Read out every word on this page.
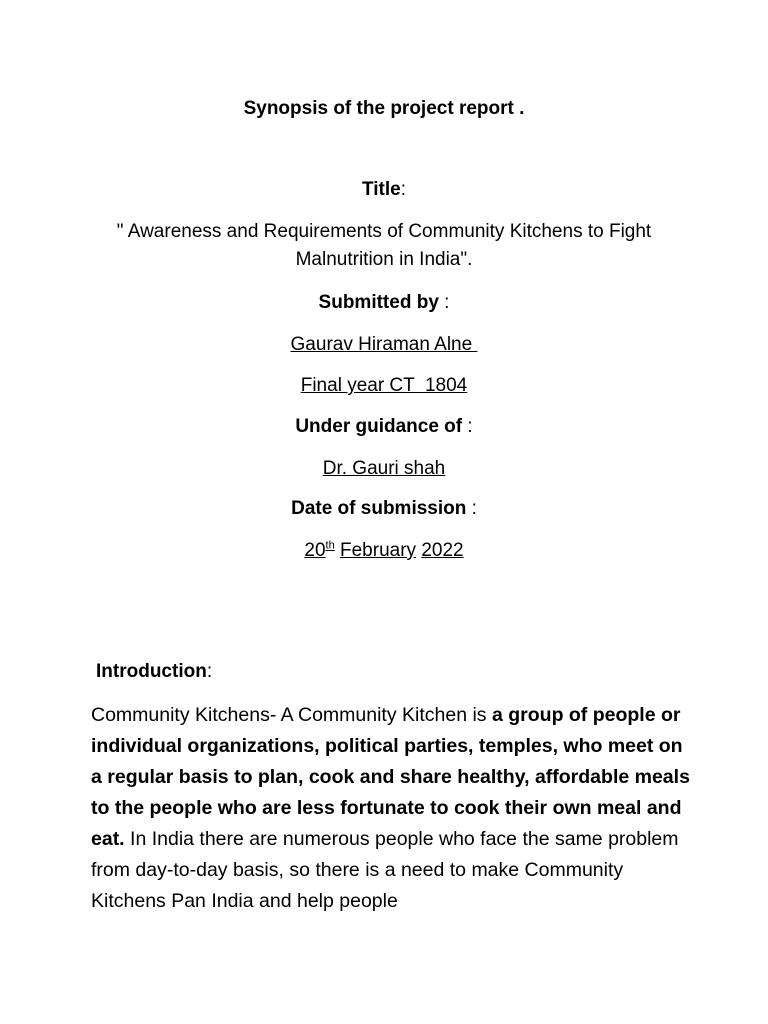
Synopsis of the project report .
Title:
" Awareness and Requirements of Community Kitchens to Fight Malnutrition in India".
Submitted by :
Gaurav Hiraman Alne
Final year CT  1804
Under guidance of :
Dr. Gauri shah
Date of submission :
20th February 2022
Introduction:
Community Kitchens- A Community Kitchen is a group of people or individual organizations, political parties, temples, who meet on a regular basis to plan, cook and share healthy, affordable meals to the people who are less fortunate to cook their own meal and eat. In India there are numerous people who face the same problem from day-to-day basis, so there is a need to make Community Kitchens Pan India and help people
